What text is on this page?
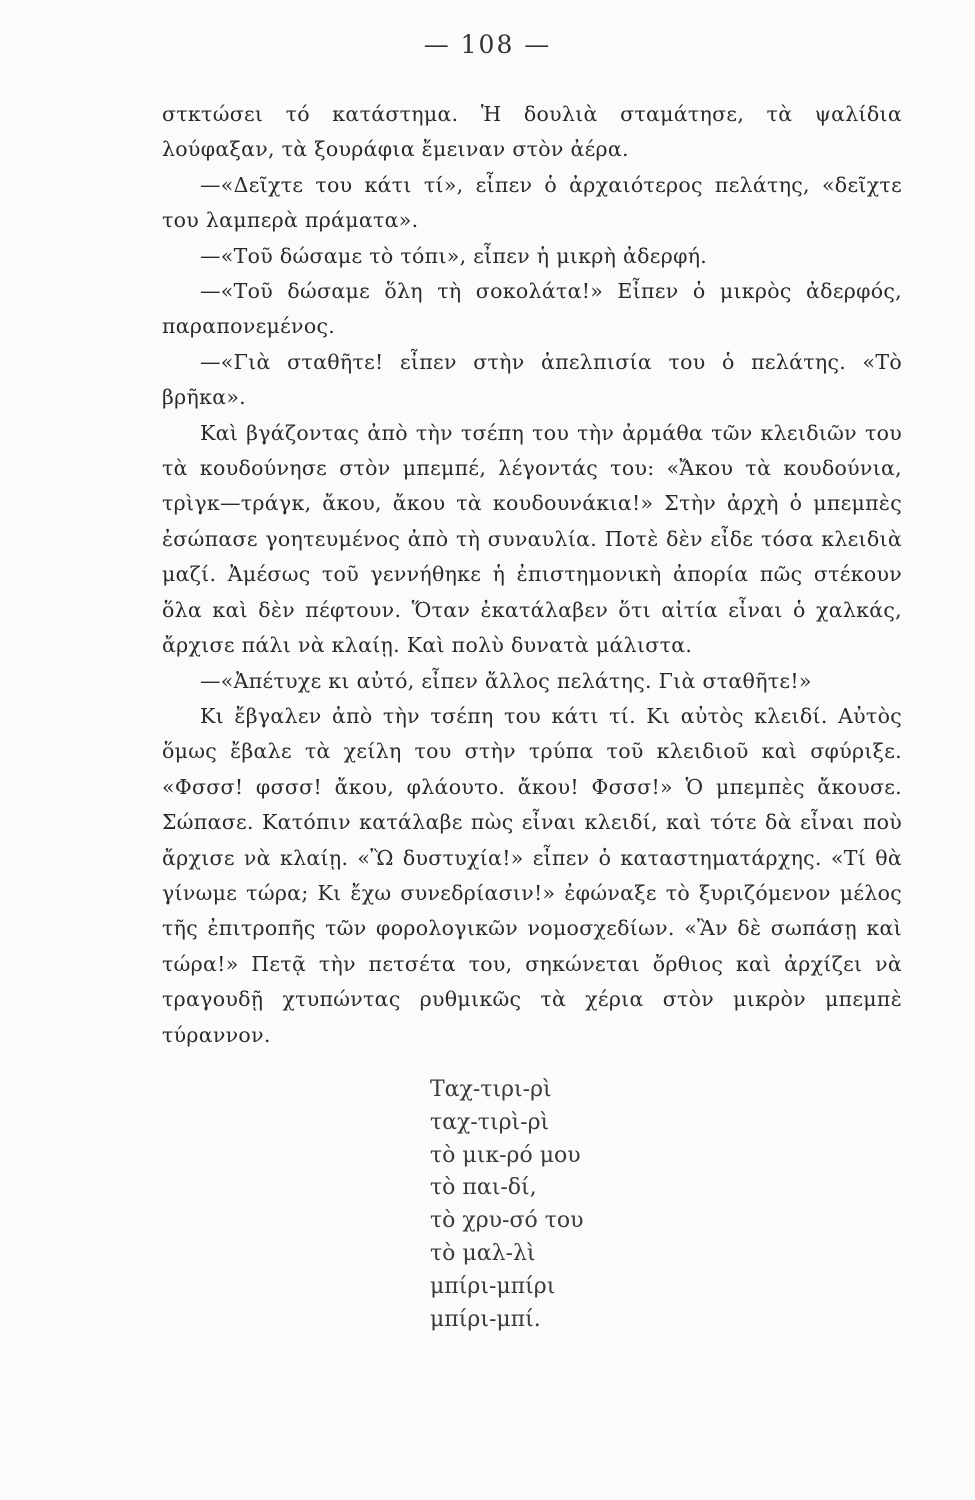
— 108 —

στκτώσει τό κατάστημα. Ἡ δουλιὰ σταμάτησε, τὰ ψαλίδια λούφαξαν, τὰ ξουράφια ἔμειναν στὸν ἀέρα.

—«Δεῖχτε του κάτι τί», εἶπεν ὁ ἀρχαιότερος πελάτης, «δεῖχτε του λαμπερὰ πράματα».

—«Τοῦ δώσαμε τὸ τόπι», εἶπεν ἡ μικρὴ ἀδερφή.

—«Τοῦ δώσαμε ὅλη τὴ σοκολάτα!» Εἶπεν ὁ μικρὸς ἀδερφός, παραπονεμένος.

—«Γιὰ σταθῆτε! εἶπεν στὴν ἀπελπισία του ὁ πελάτης. «Τὸ βρῆκα».

Καὶ βγάζοντας ἀπὸ τὴν τσέπη του τὴν ἀρμάθα τῶν κλειδιῶν του τὰ κουδούνησε στὸν μπεμπέ, λέγοντάς του: «Ἄκου τὰ κουδούνια, τρὶγκ—τράγκ, ἄκου, ἄκου τὰ κουδουνάκια!» Στὴν ἀρχὴ ὁ μπεμπὲς ἐσώπασε γοητευμένος ἀπὸ τὴ συναυλία. Ποτὲ δὲν εἶδε τόσα κλειδιὰ μαζί. Ἀμέσως τοῦ γεννήθηκε ἡ ἐπιστημονικὴ ἀπορία πῶς στέκουν ὅλα καὶ δὲν πέφτουν. Ὅταν ἐκατάλαβεν ὅτι αἰτία εἶναι ὁ χαλκάς, ἄρχισε πάλι νὰ κλαίῃ. Καὶ πολὺ δυνατὰ μάλιστα.

—«Ἀπέτυχε κι αὐτό, εἶπεν ἄλλος πελάτης. Γιὰ σταθῆτε!»

Κι ἔβγαλεν ἀπὸ τὴν τσέπη του κάτι τί. Κι αὐτὸς κλειδί. Αὐτὸς ὅμως ἔβαλε τὰ χείλη του στὴν τρύπα τοῦ κλειδιοῦ καὶ σφύριξε. «Φσσσ! φσσσ! ἄκου, φλάουτο. ἄκου! Φσσσ!» Ὁ μπεμπὲς ἄκουσε. Σώπασε. Κατόπιν κατάλαβε πὼς εἶναι κλειδί, καὶ τότε δὰ εἶναι ποὺ ἄρχισε νὰ κλαίῃ. «Ὢ δυστυχία!» εἶπεν ὁ καταστηματάρχης. «Τί θὰ γίνωμε τώρα; Κι ἔχω συνεδρίασιν!» ἐφώναξε τὸ ξυριζόμενον μέλος τῆς ἐπιτροπῆς τῶν φορολογικῶν νομοσχεδίων. «Ἂν δὲ σωπάσῃ καὶ τώρα!» Πετᾷ τὴν πετσέτα του, σηκώνεται ὄρθιος καὶ ἀρχίζει νὰ τραγουδῇ χτυπώντας ρυθμικῶς τὰ χέρια στὸν μικρὸν μπεμπὲ τύραννον.

Ταχ-τιρι-ρὶ
ταχ-τιρὶ-ρὶ
τὸ μικ-ρό μου
τὸ παι-δί,
τὸ χρυ-σό του
τὸ μαλ-λὶ
μπίρι-μπίρι
μπίρι-μπί.
